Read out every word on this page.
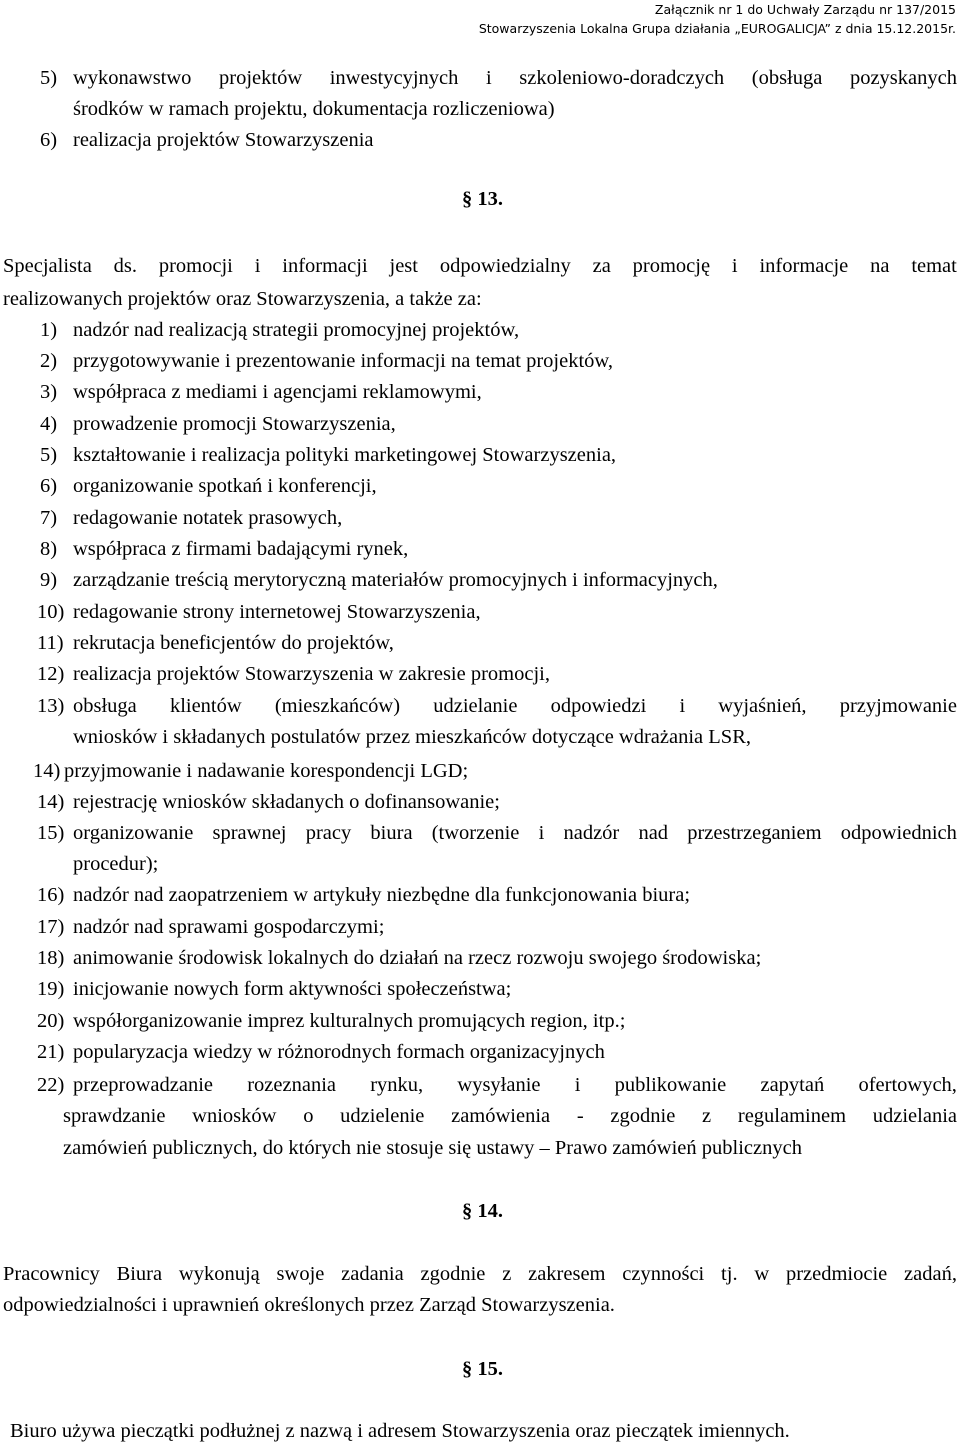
Załącznik nr 1 do Uchwały Zarządu nr 137/2015
Stowarzyszenia Lokalna Grupa działania „EUROGALICJA” z dnia 15.12.2015r.
5) wykonawstwo projektów inwestycyjnych i szkoleniowo-doradczych (obsługa pozyskanych
środków w ramach projektu, dokumentacja rozliczeniowa)
6) realizacja projektów Stowarzyszenia
§ 13.
Specjalista ds. promocji i informacji jest odpowiedzialny za promocję i informacje na temat
realizowanych projektów oraz Stowarzyszenia, a także za:
1) nadzór nad realizacją strategii promocyjnej projektów,
2) przygotowywanie i prezentowanie informacji na temat projektów,
3) współpraca z mediami i agencjami reklamowymi,
4) prowadzenie promocji Stowarzyszenia,
5) kształtowanie i realizacja polityki marketingowej Stowarzyszenia,
6) organizowanie spotkań i konferencji,
7) redagowanie notatek prasowych,
8) współpraca z firmami badającymi rynek,
9) zarządzanie treścią merytoryczną materiałów promocyjnych i informacyjnych,
10) redagowanie strony internetowej Stowarzyszenia,
11) rekrutacja beneficjentów do projektów,
12) realizacja projektów Stowarzyszenia w zakresie promocji,
13) obsługa klientów (mieszkańców) udzielanie odpowiedzi i wyjaśnień, przyjmowanie
wniosków i składanych postulatów przez mieszkańców dotyczące wdrażania LSR,
14) przyjmowanie i nadawanie korespondencji LGD;
14) rejestrację wniosków składanych o dofinansowanie;
15) organizowanie sprawnej pracy biura (tworzenie i nadzór nad przestrzeganiem odpowiednich
procedur);
16) nadzór nad zaopatrzeniem w artykuły niezbędne dla funkcjonowania biura;
17) nadzór nad sprawami gospodarczymi;
18) animowanie środowisk lokalnych do działań na rzecz rozwoju swojego środowiska;
19) inicjowanie nowych form aktywności społeczeństwa;
20) współorganizowanie imprez kulturalnych promujących region, itp.;
21) popularyzacja wiedzy w różnorodnych formach organizacyjnych
22) przeprowadzanie rozeznania rynku, wysyłanie i publikowanie zapytań ofertowych,
sprawdzanie wniosków o udzielenie zamówienia - zgodnie z regulaminem udzielania
zamówień publicznych, do których nie stosuje się ustawy – Prawo zamówień publicznych
§ 14.
Pracownicy Biura wykonują swoje zadania zgodnie z zakresem czynności tj. w przedmiocie zadań,
odpowiedzialności i uprawnień określonych przez Zarząd Stowarzyszenia.
§ 15.
Biuro używa pieczątki podłużnej z nazwą i adresem Stowarzyszenia oraz pieczątek imiennych.
